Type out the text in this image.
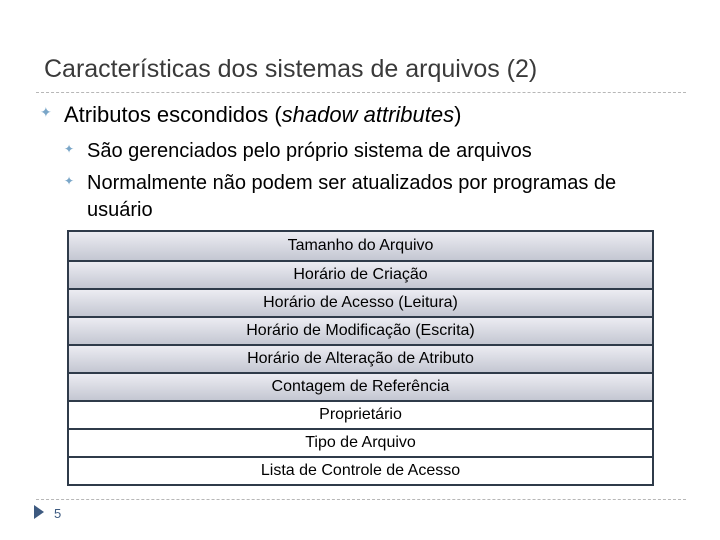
Características dos sistemas de arquivos (2)
✦ Atributos escondidos (shadow attributes)
✦ São gerenciados pelo próprio sistema de arquivos
✦ Normalmente não podem ser atualizados por programas de usuário
Tamanho do Arquivo
Horário de Criação
Horário de Acesso (Leitura)
Horário de Modificação (Escrita)
Horário de Alteração de Atributo
Contagem de Referência
Proprietário
Tipo de Arquivo
Lista de Controle de Acesso
5
